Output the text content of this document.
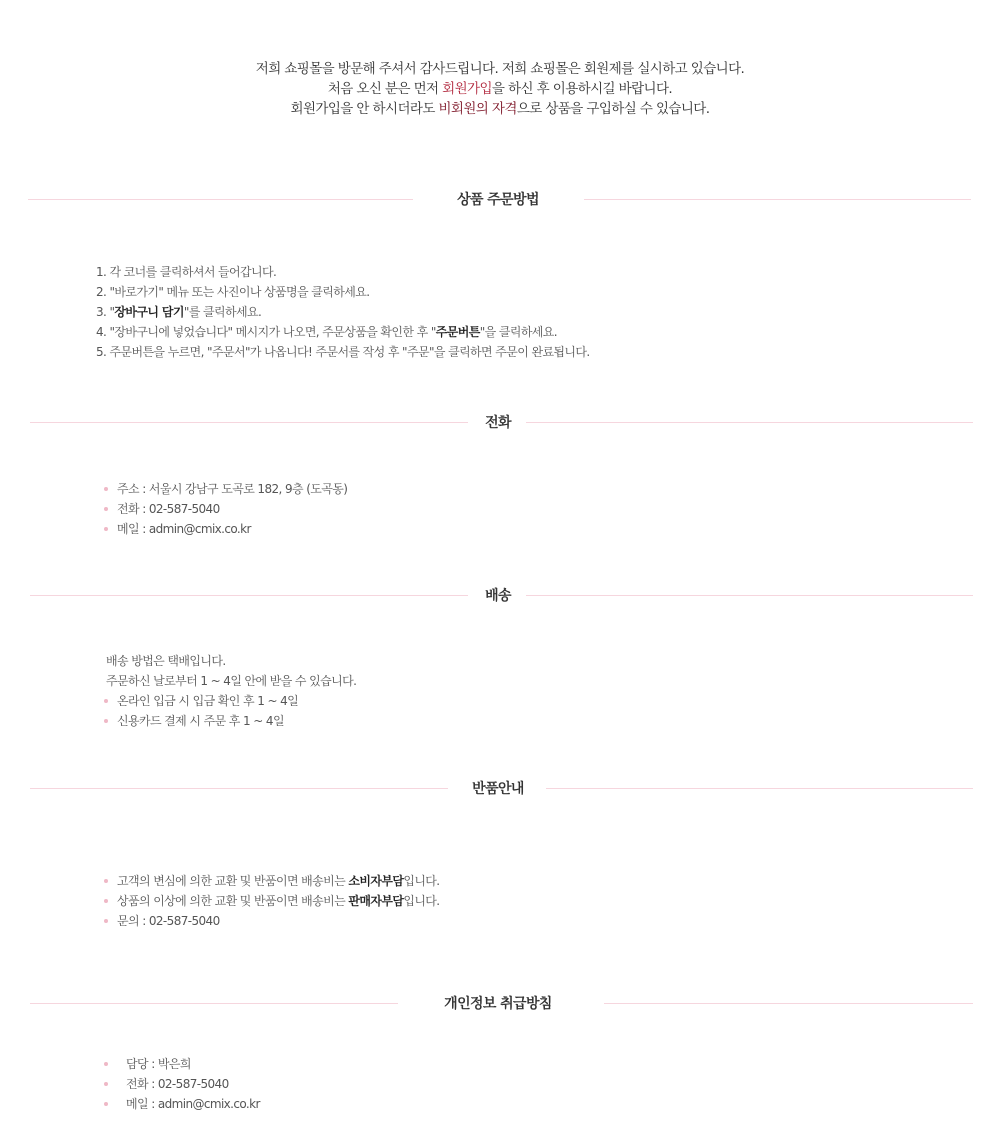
저희 쇼핑몰을 방문해 주셔서 감사드립니다. 저희 쇼핑몰은 회원제를 실시하고 있습니다.
처음 오신 분은 먼저 회원가입을 하신 후 이용하시길 바랍니다.
회원가입을 안 하시더라도 비회원의 자격으로 상품을 구입하실 수 있습니다.
상품 주문방법
1. 각 코너를 클릭하셔서 들어갑니다.
2. "바로가기" 메뉴 또는 사진이나 상품명을 클릭하세요.
3. "장바구니 담기"를 클릭하세요.
4. "장바구니에 넣었습니다" 메시지가 나오면, 주문상품을 확인한 후 "주문버튼"을 클릭하세요.
5. 주문버튼을 누르면, "주문서"가 나옵니다! 주문서를 작성 후 "주문"을 클릭하면 주문이 완료됩니다.
전화
주소 : 서울시 강남구 도곡로 182, 9층 (도곡동)
전화 : 02-587-5040
메일 : admin@cmix.co.kr
배송
배송 방법은 택배입니다.
주문하신 날로부터 1 ~ 4일 안에 받을 수 있습니다.
온라인 입금 시 입금 확인 후 1 ~ 4일
신용카드 결제 시 주문 후 1 ~ 4일
반품안내
고객의 변심에 의한 교환 및 반품이면 배송비는 소비자부담입니다.
상품의 이상에 의한 교환 및 반품이면 배송비는 판매자부담입니다.
문의 : 02-587-5040
개인정보 취급방침
담당 : 박은희
전화 : 02-587-5040
메일 : admin@cmix.co.kr
